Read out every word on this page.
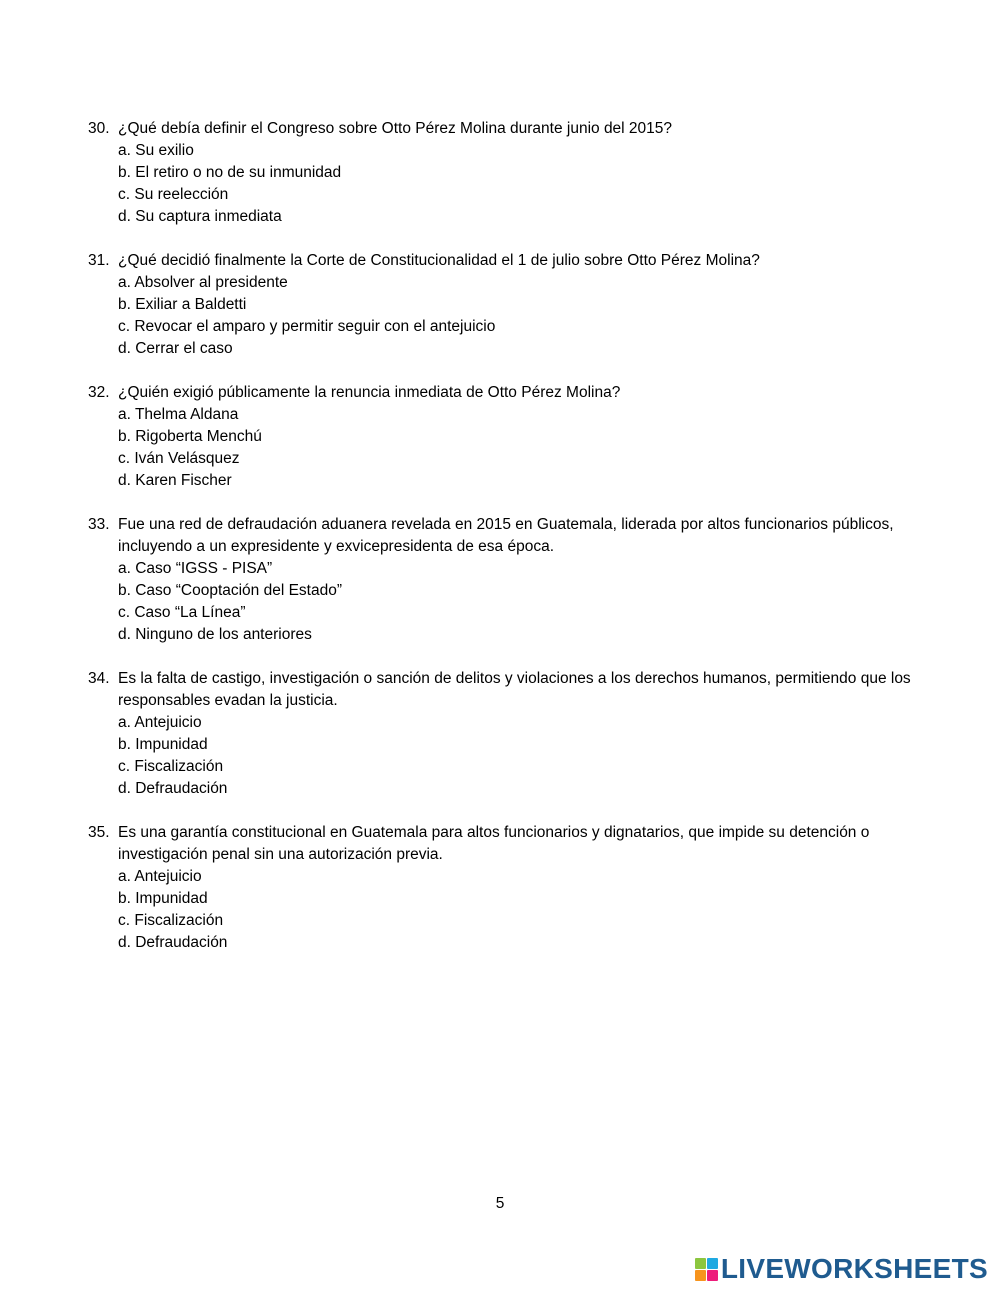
30. ¿Qué debía definir el Congreso sobre Otto Pérez Molina durante junio del 2015?
a. Su exilio
b. El retiro o no de su inmunidad
c. Su reelección
d. Su captura inmediata
31. ¿Qué decidió finalmente la Corte de Constitucionalidad el 1 de julio sobre Otto Pérez Molina?
a. Absolver al presidente
b. Exiliar a Baldetti
c. Revocar el amparo y permitir seguir con el antejuicio
d. Cerrar el caso
32. ¿Quién exigió públicamente la renuncia inmediata de Otto Pérez Molina?
a. Thelma Aldana
b. Rigoberta Menchú
c. Iván Velásquez
d. Karen Fischer
33. Fue una red de defraudación aduanera revelada en 2015 en Guatemala, liderada por altos funcionarios públicos, incluyendo a un expresidente y exvicepresidenta de esa época.
a. Caso “IGSS - PISA”
b. Caso “Cooptación del Estado”
c. Caso “La Línea”
d. Ninguno de los anteriores
34. Es la falta de castigo, investigación o sanción de delitos y violaciones a los derechos humanos, permitiendo que los responsables evadan la justicia.
a. Antejuicio
b. Impunidad
c. Fiscalización
d. Defraudación
35. Es una garantía constitucional en Guatemala para altos funcionarios y dignatarios, que impide su detención o investigación penal sin una autorización previa.
a. Antejuicio
b. Impunidad
c. Fiscalización
d. Defraudación
5
LIVEWORKSHEETS
